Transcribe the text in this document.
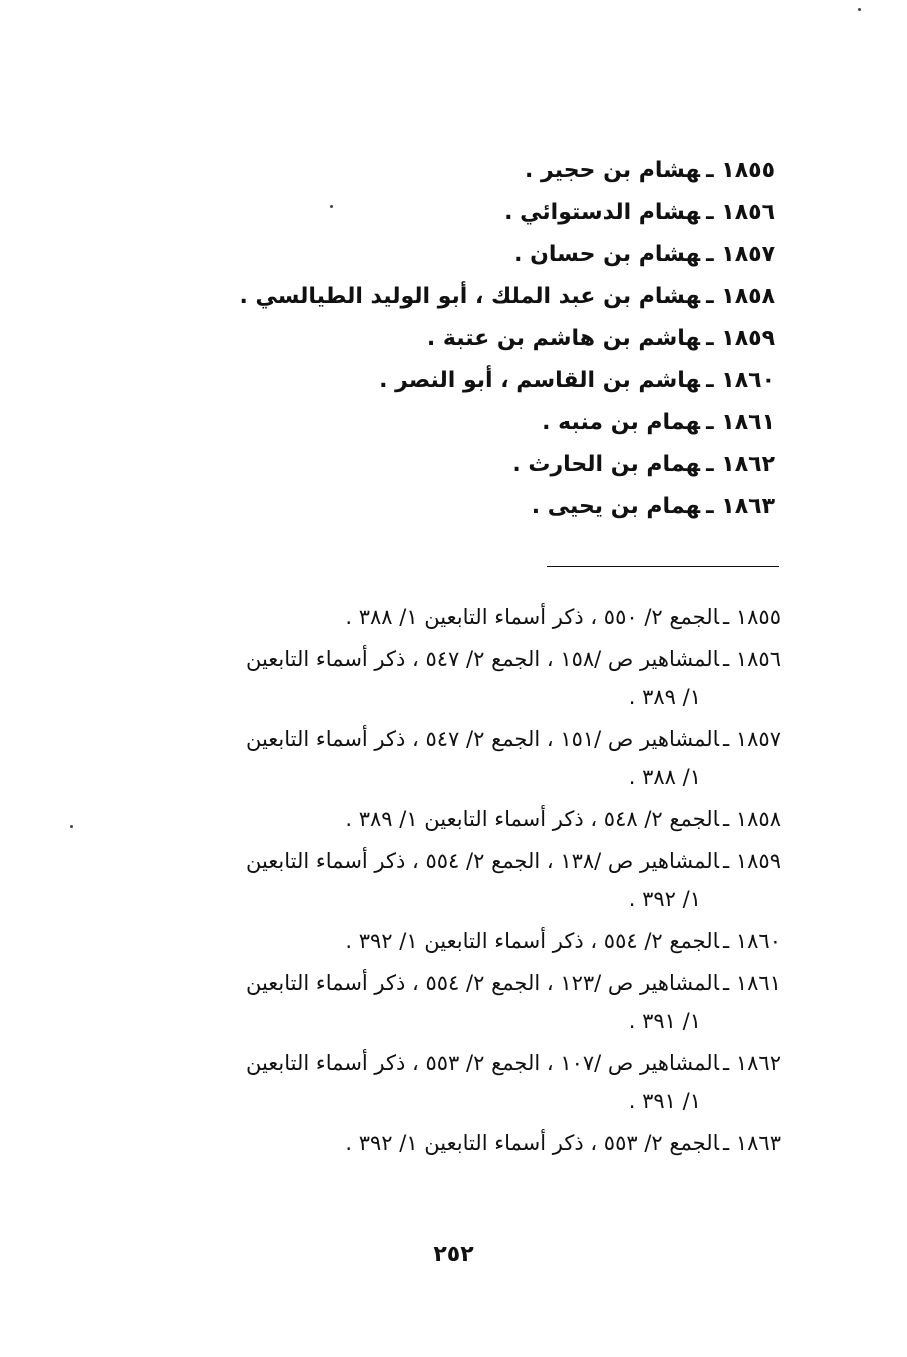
١٨٥٥ ـهشام بن حجير .
١٨٥٦ ـهشام الدستوائي .
١٨٥٧ ـهشام بن حسان .
١٨٥٨ ـهشام بن عبد الملك ، أبو الوليد الطيالسي .
١٨٥٩ ـهاشم بن هاشم بن عتبة .
١٨٦٠ ـهاشم بن القاسم ، أبو النصر .
١٨٦١ ـهمام بن منبه .
١٨٦٢ ـهمام بن الحارث .
١٨٦٣ ـهمام بن يحيى .
١٨٥٥ ـالجمع ٢/ ٥٥٠ ، ذكر أسماء التابعين ١/ ٣٨٨ .
١٨٥٦ ـالمشاهير ص /١٥٨ ، الجمع ٢/ ٥٤٧ ، ذكر أسماء التابعين
١/ ٣٨٩ .
١٨٥٧ ـالمشاهير ص /١٥١ ، الجمع ٢/ ٥٤٧ ، ذكر أسماء التابعين
١/ ٣٨٨ .
١٨٥٨ ـالجمع ٢/ ٥٤٨ ، ذكر أسماء التابعين ١/ ٣٨٩ .
١٨٥٩ ـالمشاهير ص /١٣٨ ، الجمع ٢/ ٥٥٤ ، ذكر أسماء التابعين
١/ ٣٩٢ .
١٨٦٠ ـالجمع ٢/ ٥٥٤ ، ذكر أسماء التابعين ١/ ٣٩٢ .
١٨٦١ ـالمشاهير ص /١٢٣ ، الجمع ٢/ ٥٥٤ ، ذكر أسماء التابعين
١/ ٣٩١ .
١٨٦٢ ـالمشاهير ص /١٠٧ ، الجمع ٢/ ٥٥٣ ، ذكر أسماء التابعين
١/ ٣٩١ .
١٨٦٣ ـالجمع ٢/ ٥٥٣ ، ذكر أسماء التابعين ١/ ٣٩٢ .
٢٥٢
